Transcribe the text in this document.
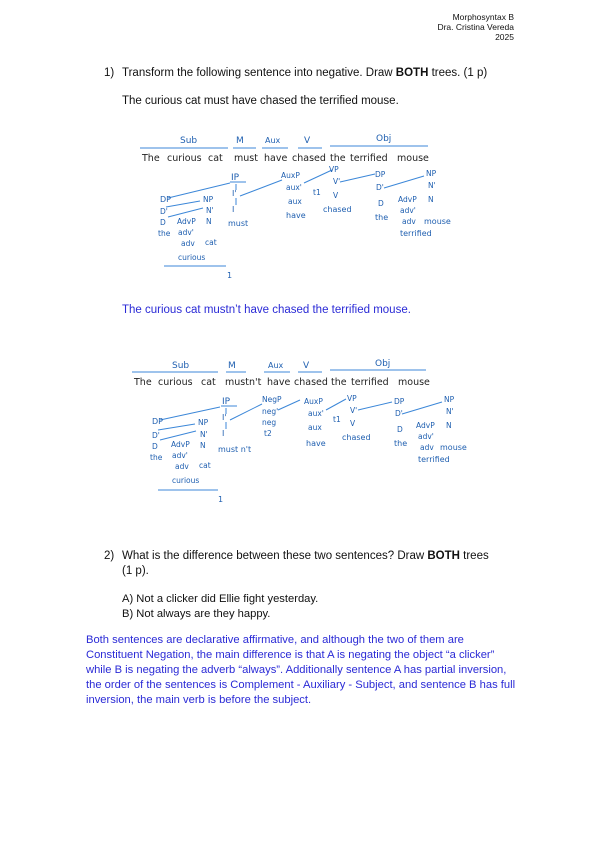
Morphosyntax B
Dra. Cristina Vereda
2025
1) Transform the following sentence into negative. Draw BOTH trees. (1 p)
The curious cat must have chased the terrified mouse.
Sub	M	Aux	V	Obj
The curious cat must have chased the terrified mouse
IP
I'
I
must
DP
D'
D
the
NP
N'
N
cat
AdvP
adv'
adv
curious
1
AuxP
aux'
aux
have
t1
VP
V'
V
chased
DP
D'
D
the
NP
N'
AdvP
adv'
adv
terrified
N
mouse
The curious cat mustn’t have chased the terrified mouse.
Sub	M	Aux V	Obj
The curious cat mustn't have chased the terrified mouse
IP
I'
I
must n't
NegP
neg'
neg
t2
DP
D'
D
the
NP
N'
N
cat
AdvP
adv'
adv
curious
1
AuxP
aux'
aux
have
t1
VP
V'
V
chased
DP
D'
D
the
NP
N'
AdvP
adv'
adv
terrified
N
mouse
2) What is the difference between these two sentences? Draw BOTH trees
(1 p).
A) Not a clicker did Ellie fight yesterday.
B) Not always are they happy.
Both sentences are declarative affirmative, and although the two of them are
Constituent Negation, the main difference is that A is negating the object “a clicker”
while B is negating the adverb “always”. Additionally sentence A has partial inversion,
the order of the sentences is Complement - Auxiliary - Subject, and sentence B has full
inversion, the main verb is before the subject.
